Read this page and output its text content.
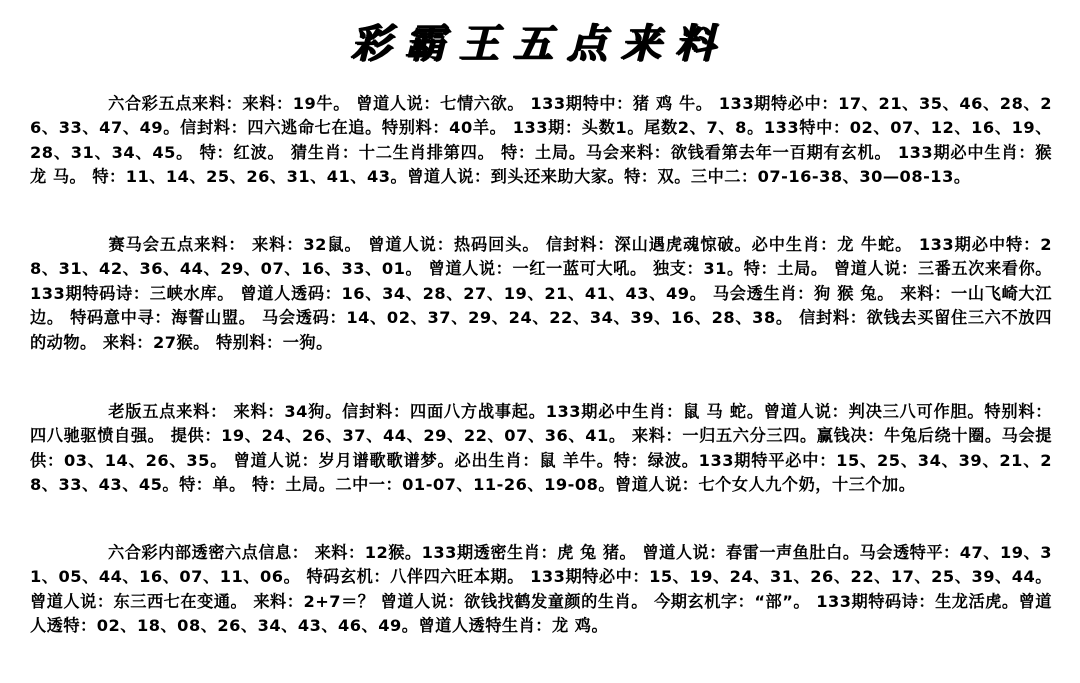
彩霸王五点来料
六合彩五点来料：来料：19牛。 曾道人说：七情六欲。 133期特中：猪 鸡 牛。 133期特必中：17、21、35、46、28、26、33、47、49。信封料：四六逃命七在追。特别料：40羊。 133期：头数1。尾数2、7、8。133特中：02、07、12、16、19、28、31、34、45。 特：红波。 猜生肖：十二生肖排第四。 特：土局。马会来料：欲钱看第去年一百期有玄机。 133期必中生肖：猴 龙 马。 特：11、14、25、26、31、41、43。曾道人说：到头还来助大家。特：双。三中二：07-16-38、30—08-13。
赛马会五点来料： 来料：32鼠。 曾道人说：热码回头。 信封料：深山遇虎魂惊破。必中生肖：龙 牛蛇。 133期必中特：28、31、42、36、44、29、07、16、33、01。 曾道人说：一红一蓝可大吼。 独支：31。特：土局。 曾道人说：三番五次来看你。 133期特码诗：三峡水库。 曾道人透码：16、34、28、27、19、21、41、43、49。 马会透生肖：狗 猴 兔。 来料：一山飞崎大江边。 特码意中寻：海誓山盟。 马会透码：14、02、37、29、24、22、34、39、16、28、38。 信封料：欲钱去买留住三六不放四的动物。 来料：27猴。 特别料：一狗。
老版五点来料： 来料：34狗。信封料：四面八方战事起。133期必中生肖：鼠 马 蛇。曾道人说：判决三八可作胆。特别料：四八驰驱愤自强。 提供：19、24、26、37、44、29、22、07、36、41。 来料：一归五六分三四。赢钱决：牛兔后绕十圈。马会提供：03、14、26、35。 曾道人说：岁月谱歌歌谱梦。必出生肖：鼠 羊牛。特：绿波。133期特平必中：15、25、34、39、21、28、33、43、45。特：单。 特：土局。二中一：01-07、11-26、19-08。曾道人说：七个女人九个奶，十三个加。
六合彩内部透密六点信息： 来料：12猴。133期透密生肖：虎 兔 猪。 曾道人说：春雷一声鱼肚白。马会透特平：47、19、31、05、44、16、07、11、06。 特码玄机：八伴四六旺本期。 133期特必中：15、19、24、31、26、22、17、25、39、44。 曾道人说：东三西七在变通。 来料：2+7＝？ 曾道人说：欲钱找鹤发童颜的生肖。 今期玄机字：“部”。 133期特码诗：生龙活虎。曾道人透特：02、18、08、26、34、43、46、49。曾道人透特生肖：龙 鸡。
